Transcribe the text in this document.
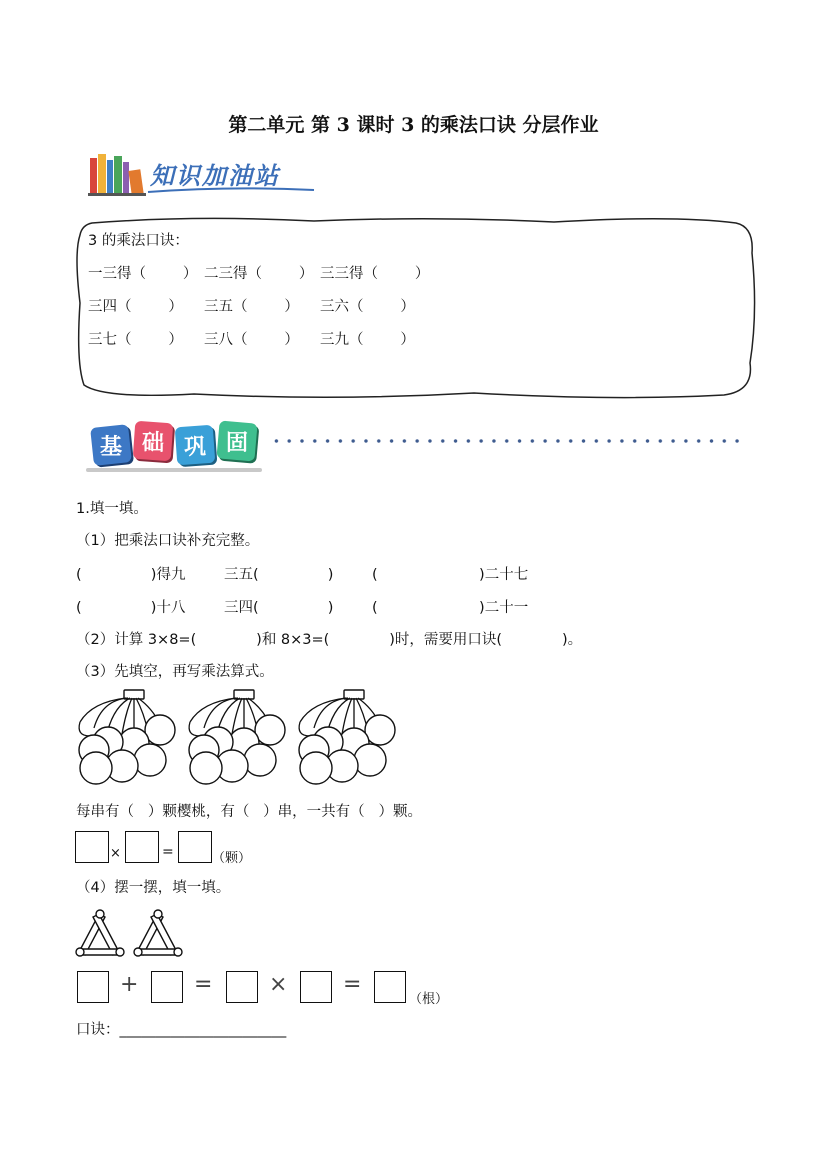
第二单元 第 3 课时 3 的乘法口诀 分层作业
知识加油站
3 的乘法口诀：
一三得（        ） 二三得（        ） 三三得（        ）
三四（        ） 三五（        ） 三六（        ）
三七（        ） 三八（        ） 三九（        ）
基 础 巩 固
1.填一填。
（1）把乘法口诀补充完整。
(               )得九	三五(               )	(                      )二十七
(               )十八	三四(               )	(                      )二十一
（2）计算 3×8=(             )和 8×3=(             )时，需要用口诀(             )。
（3）先填空，再写乘法算式。
每串有（   ）颗樱桃，有（   ）串，一共有（   ）颗。
×	=	（颗）
（4）摆一摆，填一填。
+	=	×	=
（根）
口诀：_______________________
